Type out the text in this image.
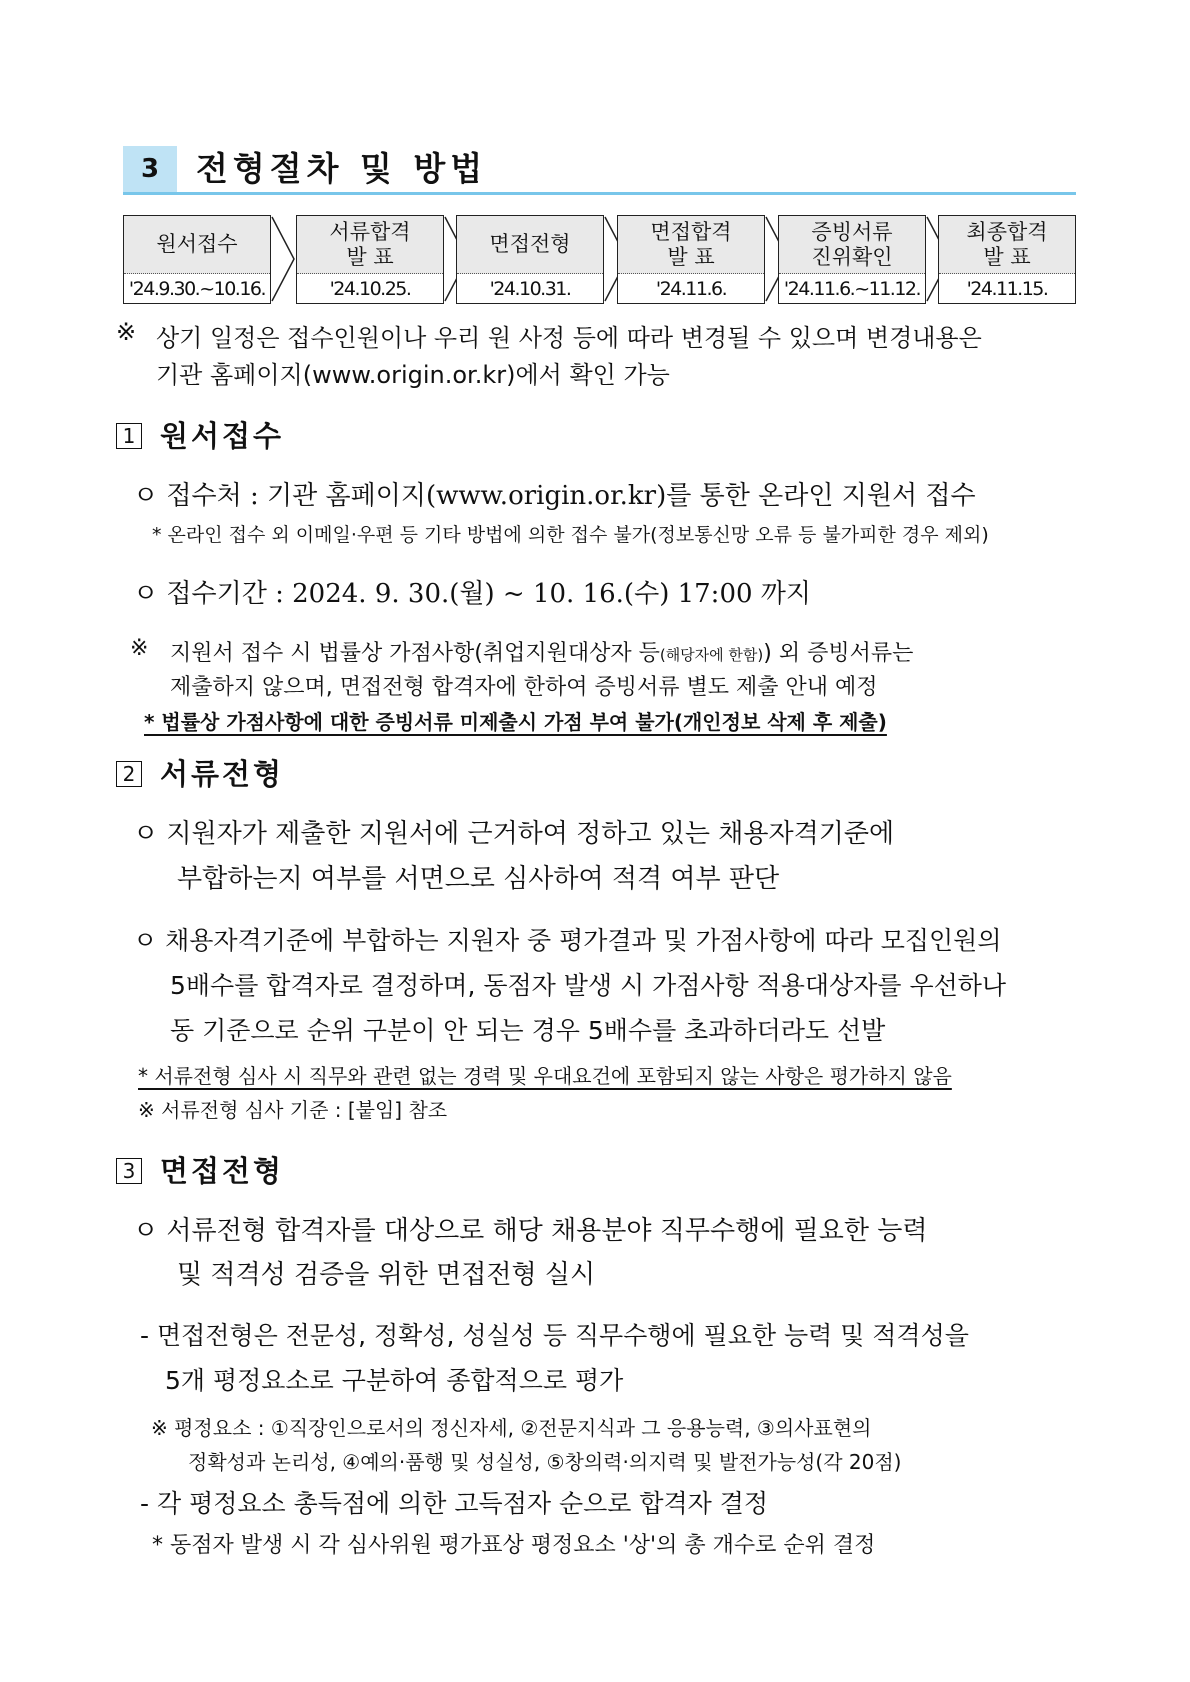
3	전형절차 및 방법
원서접수
'24.9.30.~10.16.
서류합격
발 표
'24.10.25.
면접전형
'24.10.31.
면접합격
발 표
'24.11.6.
증빙서류
진위확인
'24.11.6.~11.12.
최종합격
발 표
'24.11.15.
※ 상기 일정은 접수인원이나 우리 원 사정 등에 따라 변경될 수 있으며 변경내용은
기관 홈페이지(www.origin.or.kr)에서 확인 가능
1 원서접수
ㅇ 접수처 : 기관 홈페이지(www.origin.or.kr)를 통한 온라인 지원서 접수
* 온라인 접수 외 이메일·우편 등 기타 방법에 의한 접수 불가(정보통신망 오류 등 불가피한 경우 제외)
ㅇ 접수기간 : 2024. 9. 30.(월) ~ 10. 16.(수) 17:00 까지
※ 지원서 접수 시 법률상 가점사항(취업지원대상자 등(해당자에 한함)) 외 증빙서류는
제출하지 않으며, 면접전형 합격자에 한하여 증빙서류 별도 제출 안내 예정
* 법률상 가점사항에 대한 증빙서류 미제출시 가점 부여 불가(개인정보 삭제 후 제출)
2 서류전형
ㅇ 지원자가 제출한 지원서에 근거하여 정하고 있는 채용자격기준에
부합하는지 여부를 서면으로 심사하여 적격 여부 판단
ㅇ 채용자격기준에 부합하는 지원자 중 평가결과 및 가점사항에 따라 모집인원의
5배수를 합격자로 결정하며, 동점자 발생 시 가점사항 적용대상자를 우선하나
동 기준으로 순위 구분이 안 되는 경우 5배수를 초과하더라도 선발
* 서류전형 심사 시 직무와 관련 없는 경력 및 우대요건에 포함되지 않는 사항은 평가하지 않음
※ 서류전형 심사 기준 : [붙임] 참조
3 면접전형
ㅇ 서류전형 합격자를 대상으로 해당 채용분야 직무수행에 필요한 능력
및 적격성 검증을 위한 면접전형 실시
- 면접전형은 전문성, 정확성, 성실성 등 직무수행에 필요한 능력 및 적격성을
5개 평정요소로 구분하여 종합적으로 평가
※ 평정요소 : ①직장인으로서의 정신자세, ②전문지식과 그 응용능력, ③의사표현의
정확성과 논리성, ④예의·품행 및 성실성, ⑤창의력·의지력 및 발전가능성(각 20점)
- 각 평정요소 총득점에 의한 고득점자 순으로 합격자 결정
* 동점자 발생 시 각 심사위원 평가표상 평정요소 '상'의 총 개수로 순위 결정
